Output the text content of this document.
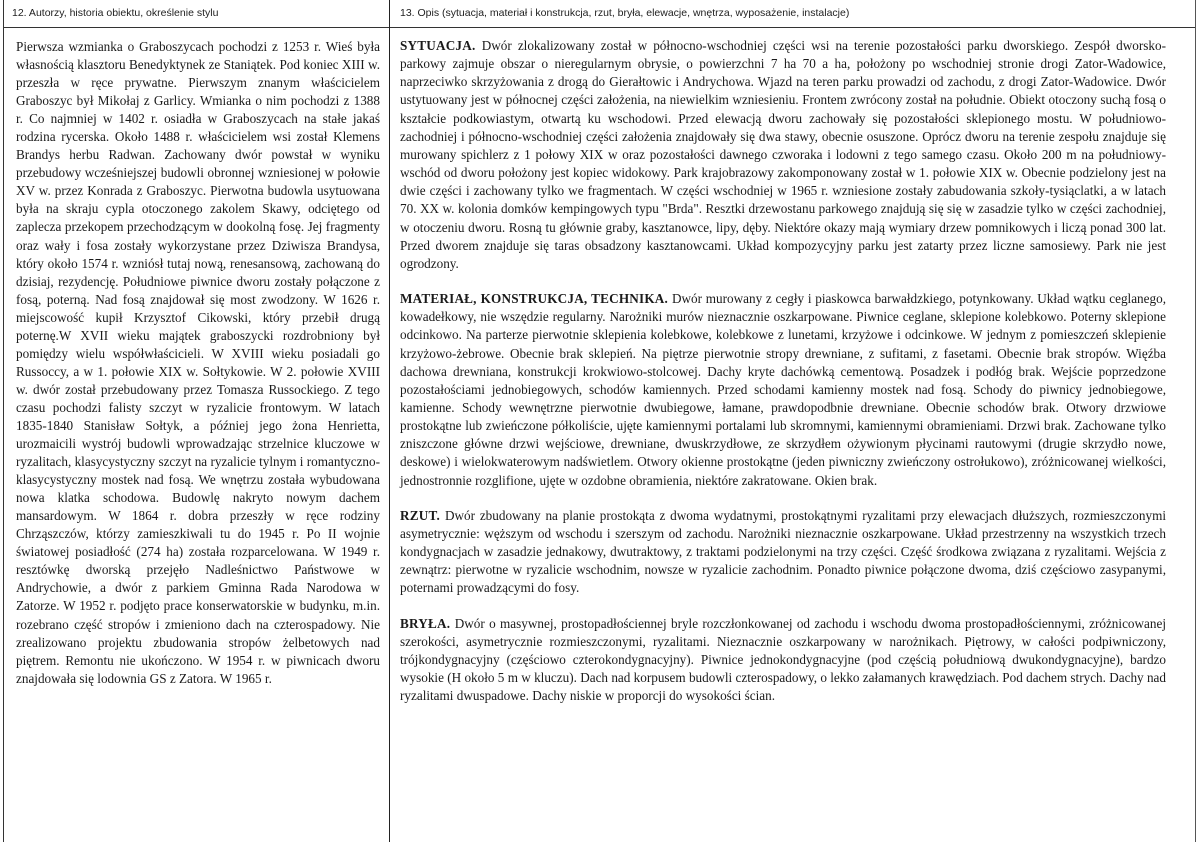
12. Autorzy, historia obiektu, określenie stylu

Pierwsza wzmianka o Graboszycach pochodzi z 1253 r. Wieś była własnością klasztoru Benedyktynek ze Staniątek. Pod koniec XIII w. przeszła w ręce prywatne. Pierwszym znanym właścicielem Graboszyc był Mikołaj z Garlicy. Wmianka o nim pochodzi z 1388 r. Co najmniej w 1402 r. osiadła w Graboszycach na stałe jakaś rodzina rycerska. Około 1488 r. właścicielem wsi został Klemens Brandys herbu Radwan. Zachowany dwór powstał w wyniku przebudowy wcześniejszej budowli obronnej wzniesionej w połowie XV w. przez Konrada z Graboszyc. Pierwotna budowla usytuowana była na skraju cypla otoczonego zakolem Skawy, odciętego od zaplecza przekopem przechodzącym w dookolną fosę. Jej fragmenty oraz wały i fosa zostały wykorzystane przez Dziwisza Brandysa, który około 1574 r. wzniósł tutaj nową, renesansową, zachowaną do dzisiaj, rezydencję. Południowe piwnice dworu zostały połączone z fosą, poterną. Nad fosą znajdował się most zwodzony. W 1626 r. miejscowość kupił Krzysztof Cikowski, który przebił drugą poternę.W XVII wieku majątek graboszycki rozdrobniony był pomiędzy wielu współwłaścicieli. W XVIII wieku posiadali go Russoccy, a w 1. połowie XIX w. Sołtykowie. W 2. połowie XVIII w. dwór został przebudowany przez Tomasza Russockiego. Z tego czasu pochodzi falisty szczyt w ryzalicie frontowym. W latach 1835-1840 Stanisław Sołtyk, a później jego żona Henrietta, urozmaicili wystrój budowli wprowadzając strzelnice kluczowe w ryzalitach, klasycystyczny szczyt na ryzalicie tylnym i romantyczno-klasycystyczny mostek nad fosą. We wnętrzu została wybudowana nowa klatka schodowa. Budowlę nakryto nowym dachem mansardowym. W 1864 r. dobra przeszły w ręce rodziny Chrząszczów, którzy zamieszkiwali tu do 1945 r. Po II wojnie światowej posiadłość (274 ha) została rozparcelowana. W 1949 r. resztówkę dworską przejęło Nadleśnictwo Państwowe w Andrychowie, a dwór z parkiem Gminna Rada Narodowa w Zatorze. W 1952 r. podjęto prace konserwatorskie w budynku, m.in. rozebrano część stropów i zmieniono dach na czterospadowy. Nie zrealizowano projektu zbudowania stropów żelbetowych nad piętrem. Remontu nie ukończono. W 1954 r. w piwnicach dworu znajdowała się lodownia GS z Zatora. W 1965 r.

13. Opis (sytuacja, materiał i konstrukcja, rzut, bryła, elewacje, wnętrza, wyposażenie, instalacje)
SYTUACJA. Dwór zlokalizowany został w północno-wschodniej części wsi na terenie pozostałości parku dworskiego. Zespół dworsko-parkowy zajmuje obszar o nieregularnym obrysie, o powierzchni 7 ha 70 a ha, położony po wschodniej stronie drogi Zator-Wadowice, naprzeciwko skrzyżowania z drogą do Gierałtowic i Andrychowa. Wjazd na teren parku prowadzi od zachodu, z drogi Zator-Wadowice. Dwór ustytuowany jest w północnej części założenia, na niewielkim wzniesieniu. Frontem zwrócony został na południe. Obiekt otoczony suchą fosą o kształcie podkowiastym, otwartą ku wschodowi. Przed elewacją dworu zachowały się pozostałości sklepionego mostu. W południowo-zachodniej i północno-wschodniej części założenia znajdowały się dwa stawy, obecnie osuszone. Oprócz dworu na terenie zespołu znajduje się murowany spichlerz z 1 połowy XIX w oraz pozostałości dawnego czworaka i lodowni z tego samego czasu. Około 200 m na południowy-wschód od dworu położony jest kopiec widokowy. Park krajobrazowy zakomponowany został w 1. połowie XIX w. Obecnie podzielony jest na dwie części i zachowany tylko we fragmentach. W części wschodniej w 1965 r. wzniesione zostały zabudowania szkoły-tysiąclatki, a w latach 70. XX w. kolonia domków kempingowych typu "Brda". Resztki drzewostanu parkowego znajdują się się w zasadzie tylko w części zachodniej, w otoczeniu dworu. Rosną tu głównie graby, kasztanowce, lipy, dęby. Niektóre okazy mają wymiary drzew pomnikowych i liczą ponad 300 lat. Przed dworem znajduje się taras obsadzony kasztanowcami. Układ kompozycyjny parku jest zatarty przez liczne samosiewy. Park nie jest ogrodzony.
MATERIAŁ, KONSTRUKCJA, TECHNIKA. Dwór murowany z cegły i piaskowca barwałdzkiego, potynkowany. Układ wątku ceglanego, kowadełkowy, nie wszędzie regularny. Narożniki murów nieznacznie oszkarpowane. Piwnice ceglane, sklepione kolebkowo. Poterny sklepione odcinkowo. Na parterze pierwotnie sklepienia kolebkowe, kolebkowe z lunetami, krzyżowe i odcinkowe. W jednym z pomieszczeń sklepienie krzyżowo-żebrowe. Obecnie brak sklepień. Na piętrze pierwotnie stropy drewniane, z sufitami, z fasetami. Obecnie brak stropów. Więźba dachowa drewniana, konstrukcji krokwiowo-stolcowej. Dachy kryte dachówką cementową. Posadzek i podłóg brak. Wejście poprzedzone pozostałościami jednobiegowych, schodów kamiennych. Przed schodami kamienny mostek nad fosą. Schody do piwnicy jednobiegowe, kamienne. Schody wewnętrzne pierwotnie dwubiegowe, łamane, prawdopodbnie drewniane. Obecnie schodów brak. Otwory drzwiowe prostokątne lub zwieńczone półkoliście, ujęte kamiennymi portalami lub skromnymi, kamiennymi obramieniami. Drzwi brak. Zachowane tylko zniszczone główne drzwi wejściowe, drewniane, dwuskrzydłowe, ze skrzydłem ożywionym płycinami rautowymi (drugie skrzydło nowe, deskowe) i wielokwaterowym nadświetlem. Otwory okienne prostokątne (jeden piwniczny zwieńczony ostrołukowo), zróżnicowanej wielkości, jednostronnie rozglifione, ujęte w ozdobne obramienia, niektóre zakratowane. Okien brak.
RZUT. Dwór zbudowany na planie prostokąta z dwoma wydatnymi, prostokątnymi ryzalitami przy elewacjach dłuższych, rozmieszczonymi asymetrycznie: węższym od wschodu i szerszym od zachodu. Narożniki nieznacznie oszkarpowane. Układ przestrzenny na wszystkich trzech kondygnacjach w zasadzie jednakowy, dwutraktowy, z traktami podzielonymi na trzy części. Część środkowa związana z ryzalitami. Wejścia z zewnątrz: pierwotne w ryzalicie wschodnim, nowsze w ryzalicie zachodnim. Ponadto piwnice połączone dwoma, dziś częściowo zasypanymi, poternami prowadzącymi do fosy.
BRYŁA. Dwór o masywnej, prostopadłościennej bryle rozczłonkowanej od zachodu i wschodu dwoma prostopadłościennymi, zróżnicowanej szerokości, asymetrycznie rozmieszczonymi, ryzalitami. Nieznacznie oszkarpowany w narożnikach. Piętrowy, w całości podpiwniczony, trójkondygnacyjny (częściowo czterokondygnacyjny). Piwnice jednokondygnacyjne (pod częścią południową dwukondygnacyjne), bardzo wysokie (H około 5 m w kluczu). Dach nad korpusem budowli czterospadowy, o lekko załamanych krawędziach. Pod dachem strych. Dachy nad ryzalitami dwuspadowe. Dachy niskie w proporcji do wysokości ścian.
